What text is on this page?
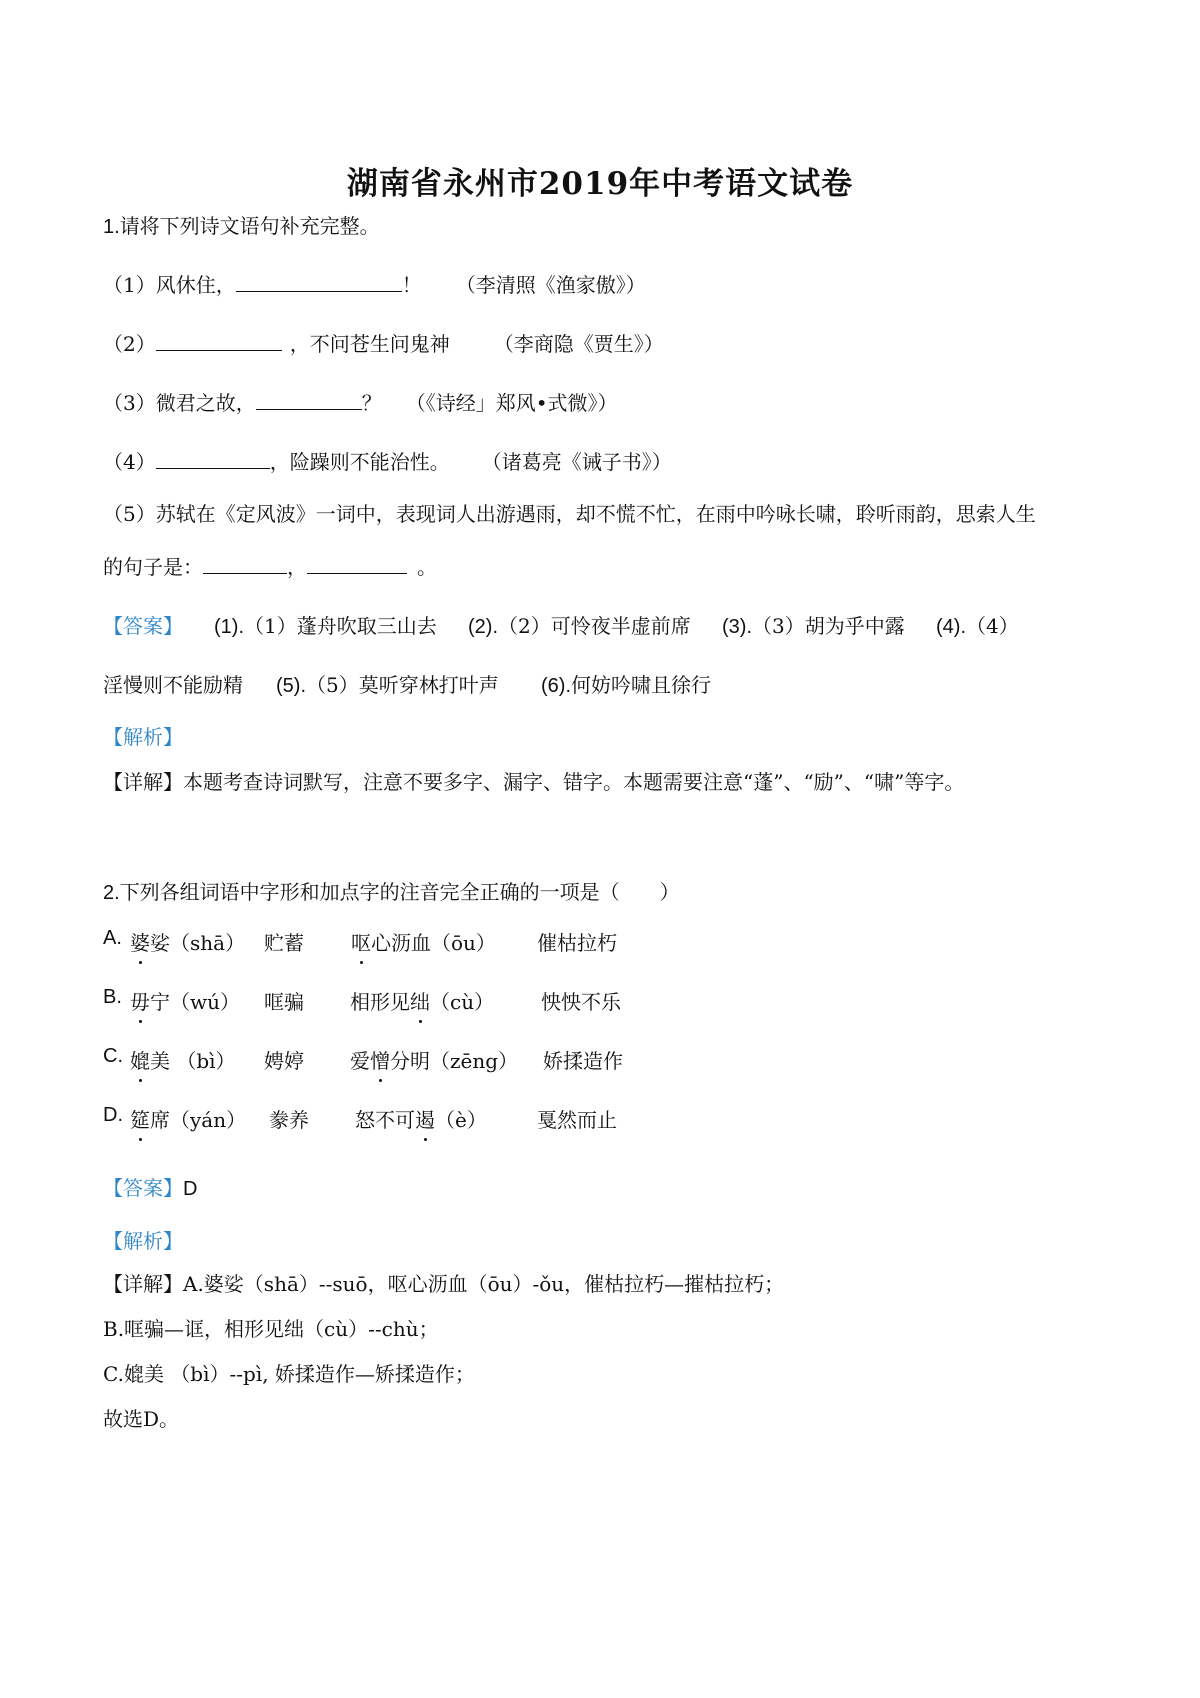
湖南省永州市2019年中考语文试卷
1.请将下列诗文语句补充完整。
（1）风休住，	！ （李清照《渔家傲》）
（2）	，不问苍生问鬼神 （李商隐《贾生》）
（3）微君之故，	？ （《诗经」郑风•式微》）
（4）	，险躁则不能治性。 （诸葛亮《诫子书》）
（5）苏轼在《定风波》一词中，表现词人出游遇雨，却不慌不忙，在雨中吟咏长啸，聆听雨韵，思索人生
的句子是：	，	。
【答案】 (1).（1）蓬舟吹取三山去 (2).（2）可怜夜半虚前席 (3).（3）胡为乎中露 (4).（4）
淫慢则不能励精 (5).（5）莫听穿林打叶声 (6).何妨吟啸且徐行
【解析】
【详解】本题考查诗词默写，注意不要多字、漏字、错字。本题需要注意“蓬”、“励”、“啸”等字。
2.下列各组词语中字形和加点字的注音完全正确的一项是（　　）
A. 婆娑（shā） 贮蓄 呕心沥血（ōu） 催枯拉朽
B. 毋宁（wú） 哐骗 相形见绌（cù） 怏怏不乐
C. 媲美 （bì） 娉婷 爱憎分明（zēng） 娇揉造作
D. 筵席（yán） 豢养 怒不可遏（è）	戛然而止
【答案】D
【解析】
【详解】A.婆娑（shā）--suō，呕心沥血（ōu）-ǒu，催枯拉朽—摧枯拉朽；
B.哐骗—诓，相形见绌（cù）--chù；
C.媲美 （bì）--pì, 娇揉造作—矫揉造作；
故选D。
